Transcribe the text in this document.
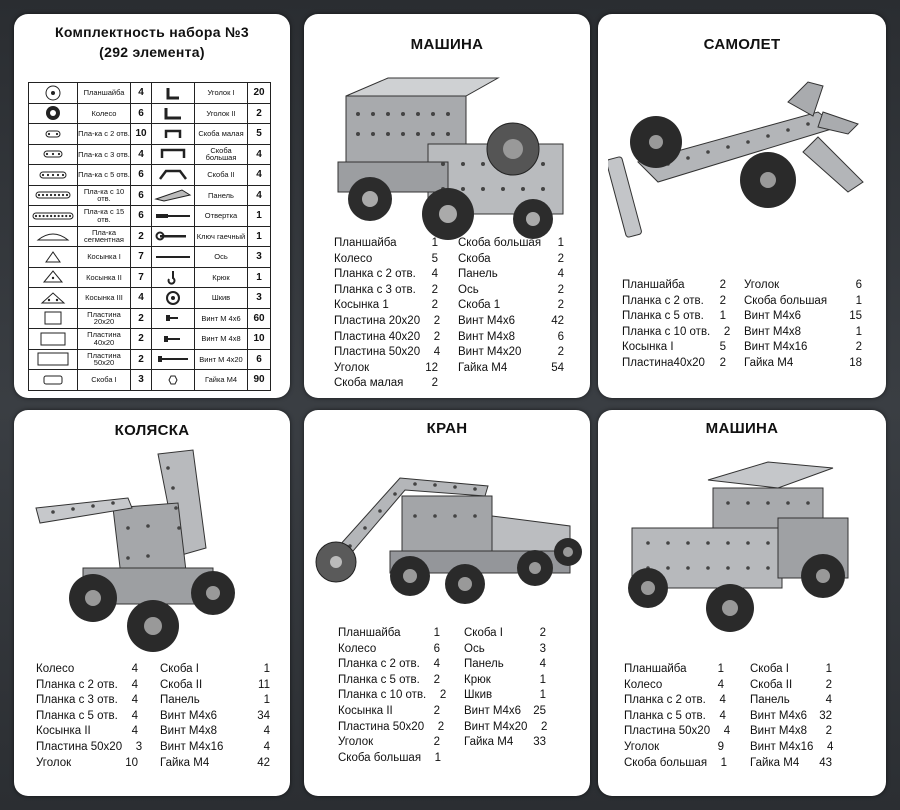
Комплектность набора №3
(292 элемента)
	Планшайба	4		Уголок I	20

	Колесо	6		Уголок II	2

	Пла-ка с 2 отв.	10		Скоба малая	5

	Пла-ка с 3 отв.	4		Скоба большая	4

	Пла-ка с 5 отв.	6		Скоба II	4

	Пла-ка с 10 отв.	6		Панель	4

	Пла-ка с 15 отв.	6		Отвертка	1

	Пла-ка сегментная	2		Ключ гаечный	1

	Косынка I	7		Ось	3

	Косынка II	7		Крюк	1

	Косынка III	4		Шкив	3

	Пластина 20x20	2		Винт М 4x6	60

	Пластина 40x20	2		Винт М 4x8	10

	Пластина 50x20	2		Винт М 4x20	6

	Скоба I	3		Гайка М4	90
МАШИНА
Планшайба	1
Колесо	5
Планка с 2 отв.	4
Планка с 3 отв.	2
Косынка 1	2
Пластина 20x20	2
Пластина 40x20	2
Пластина 50x20	4
Уголок	12
Скоба малая	2
Скоба большая	1
Скоба	2
Панель	4
Ось	2
Скоба 1	2
Винт М4x6	42
Винт М4x8	6
Винт М4x20	2
Гайка М4	54
САМОЛЕТ
Планшайба	2
Планка с 2 отв.	2
Планка с 5 отв.	1
Планка с 10 отв.	2
Косынка I	5
Пластина40x20	2
Уголок	6
Скоба большая	1
Винт М4x6	15
Винт М4x8	1
Винт М4x16	2
Гайка М4	18
КОЛЯСКА
Колесо	4
Планка с 2 отв.	4
Планка с 3 отв.	4
Планка с 5 отв.	4
Косынка II	4
Пластина 50x20	3
Уголок	10
Скоба I	1
Скоба II	11
Панель	1
Винт М4x6	34
Винт М4x8	4
Винт М4x16	4
Гайка М4	42
КРАН
Планшайба	1
Колесо	6
Планка с 2 отв.	4
Планка с 5 отв.	2
Планка с 10 отв.	2
Косынка II	2
Пластина 50x20	2
Уголок	2
Скоба большая	1
Скоба I	2
Ось	3
Панель	4
Крюк	1
Шкив	1
Винт М4x6 25
Винт М4x20	2
Гайка М4 33
МАШИНА
Планшайба	1
Колесо	4
Планка с 2 отв.	4
Планка с 5 отв.	4
Пластина 50x20	4
Уголок	9
Скоба большая	1
Скоба I	1
Скоба II	2
Панель	4
Винт М4x6 32
Винт М4x8	2
Винт М4x16	4
Гайка М4 43
